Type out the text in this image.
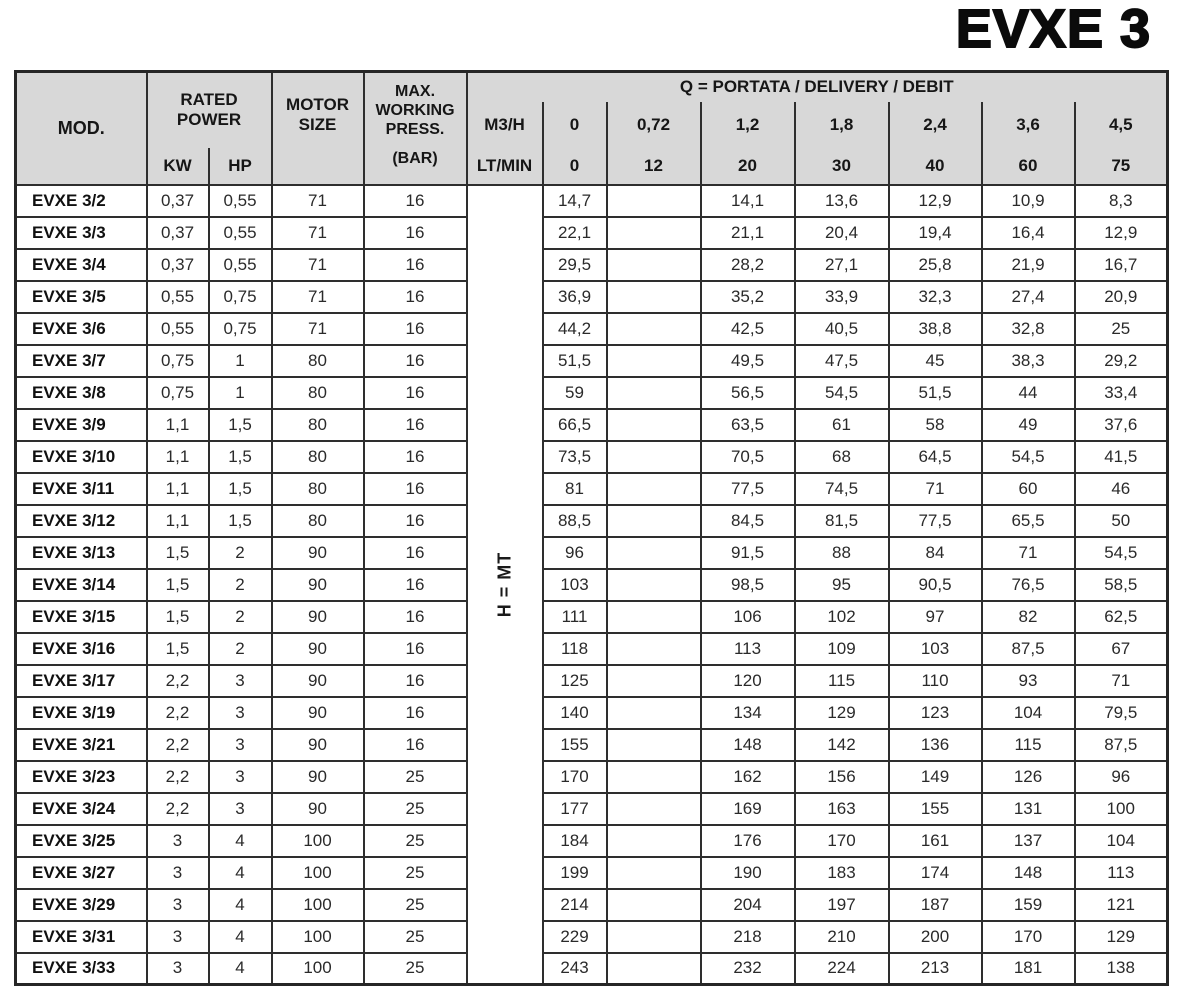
EVXE 3
MOD.	
RATED
POWER

MOTOR
SIZE

MAX.
WORKING
PRESS.
(BAR)
	Q = PORTATA / DELIVERY / DEBIT
					M3/H	0	0,72	1,2	1,8	2,4	3,6	4,5
	KW	HP			LT/MIN	0	12	20	30	40	60	75
EVXE 3/2	0,37	0,55	71	16	H = MT	14,7		14,1	13,6	12,9	10,9	8,3
EVXE 3/3	0,37	0,55	71	16		22,1		21,1	20,4	19,4	16,4	12,9
EVXE 3/4	0,37	0,55	71	16		29,5		28,2	27,1	25,8	21,9	16,7
EVXE 3/5	0,55	0,75	71	16		36,9		35,2	33,9	32,3	27,4	20,9
EVXE 3/6	0,55	0,75	71	16		44,2		42,5	40,5	38,8	32,8	25
EVXE 3/7	0,75	1	80	16		51,5		49,5	47,5	45	38,3	29,2
EVXE 3/8	0,75	1	80	16		59		56,5	54,5	51,5	44	33,4
EVXE 3/9	1,1	1,5	80	16		66,5		63,5	61	58	49	37,6
EVXE 3/10	1,1	1,5	80	16		73,5		70,5	68	64,5	54,5	41,5
EVXE 3/11	1,1	1,5	80	16		81		77,5	74,5	71	60	46
EVXE 3/12	1,1	1,5	80	16		88,5		84,5	81,5	77,5	65,5	50
EVXE 3/13	1,5	2	90	16		96		91,5	88	84	71	54,5
EVXE 3/14	1,5	2	90	16		103		98,5	95	90,5	76,5	58,5
EVXE 3/15	1,5	2	90	16		111		106	102	97	82	62,5
EVXE 3/16	1,5	2	90	16		118		113	109	103	87,5	67
EVXE 3/17	2,2	3	90	16		125		120	115	110	93	71
EVXE 3/19	2,2	3	90	16		140		134	129	123	104	79,5
EVXE 3/21	2,2	3	90	16		155		148	142	136	115	87,5
EVXE 3/23	2,2	3	90	25		170		162	156	149	126	96
EVXE 3/24	2,2	3	90	25		177		169	163	155	131	100
EVXE 3/25	3	4	100	25		184		176	170	161	137	104
EVXE 3/27	3	4	100	25		199		190	183	174	148	113
EVXE 3/29	3	4	100	25		214		204	197	187	159	121
EVXE 3/31	3	4	100	25		229		218	210	200	170	129
EVXE 3/33	3	4	100	25		243		232	224	213	181	138
